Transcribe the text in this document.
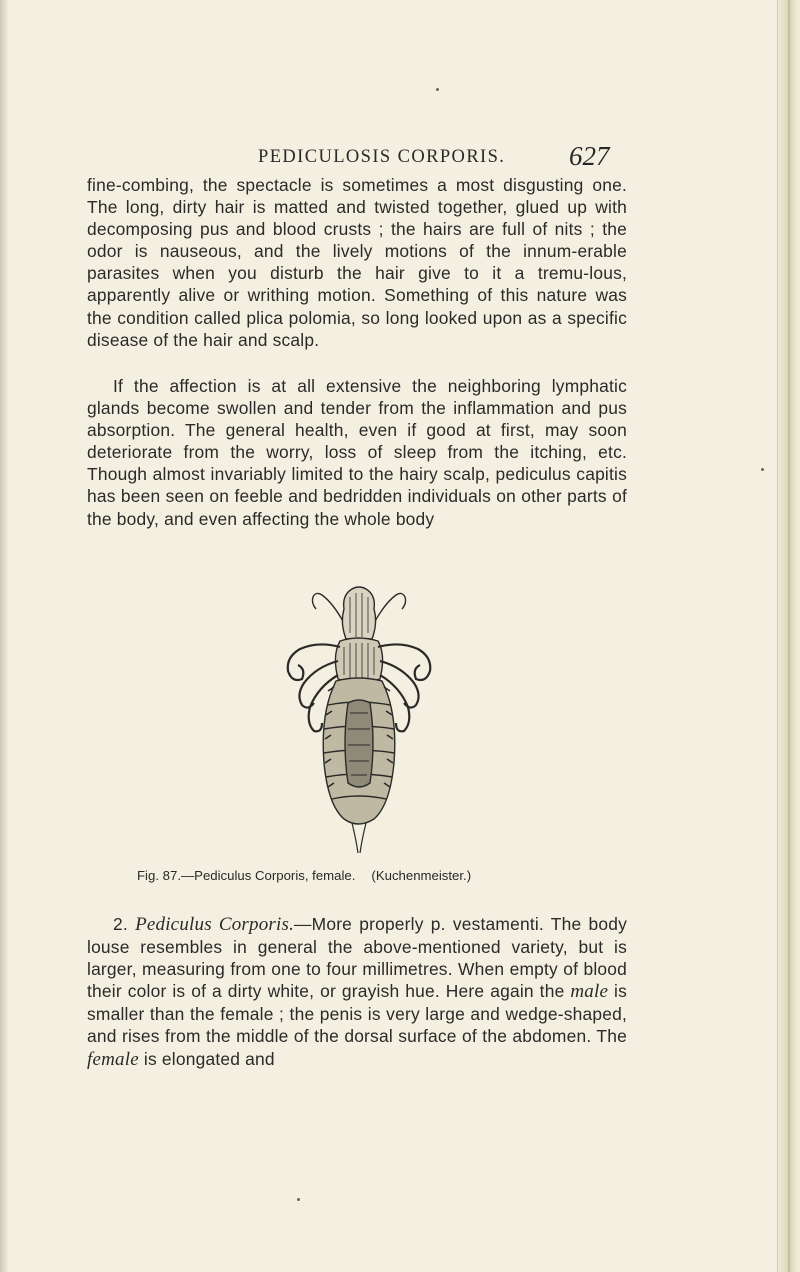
PEDICULOSIS CORPORIS. 627
fine-combing, the spectacle is sometimes a most disgusting one. The long, dirty hair is matted and twisted together, glued up with decomposing pus and blood crusts ; the hairs are full of nits ; the odor is nauseous, and the lively motions of the innum-erable parasites when you disturb the hair give to it a tremu-lous, apparently alive or writhing motion. Something of this nature was the condition called plica polomia, so long looked upon as a specific disease of the hair and scalp.
If the affection is at all extensive the neighboring lymphatic glands become swollen and tender from the inflammation and pus absorption. The general health, even if good at first, may soon deteriorate from the worry, loss of sleep from the itching, etc. Though almost invariably limited to the hairy scalp, pediculus capitis has been seen on feeble and bedridden individuals on other parts of the body, and even affecting the whole body
Fig. 87.—Pediculus Corporis, female. (Kuchenmeister.)
2. Pediculus Corporis.—More properly p. vestamenti. The body louse resembles in general the above-mentioned variety, but is larger, measuring from one to four millimetres. When empty of blood their color is of a dirty white, or grayish hue. Here again the male is smaller than the female ; the penis is very large and wedge-shaped, and rises from the middle of the dorsal surface of the abdomen. The female is elongated and
